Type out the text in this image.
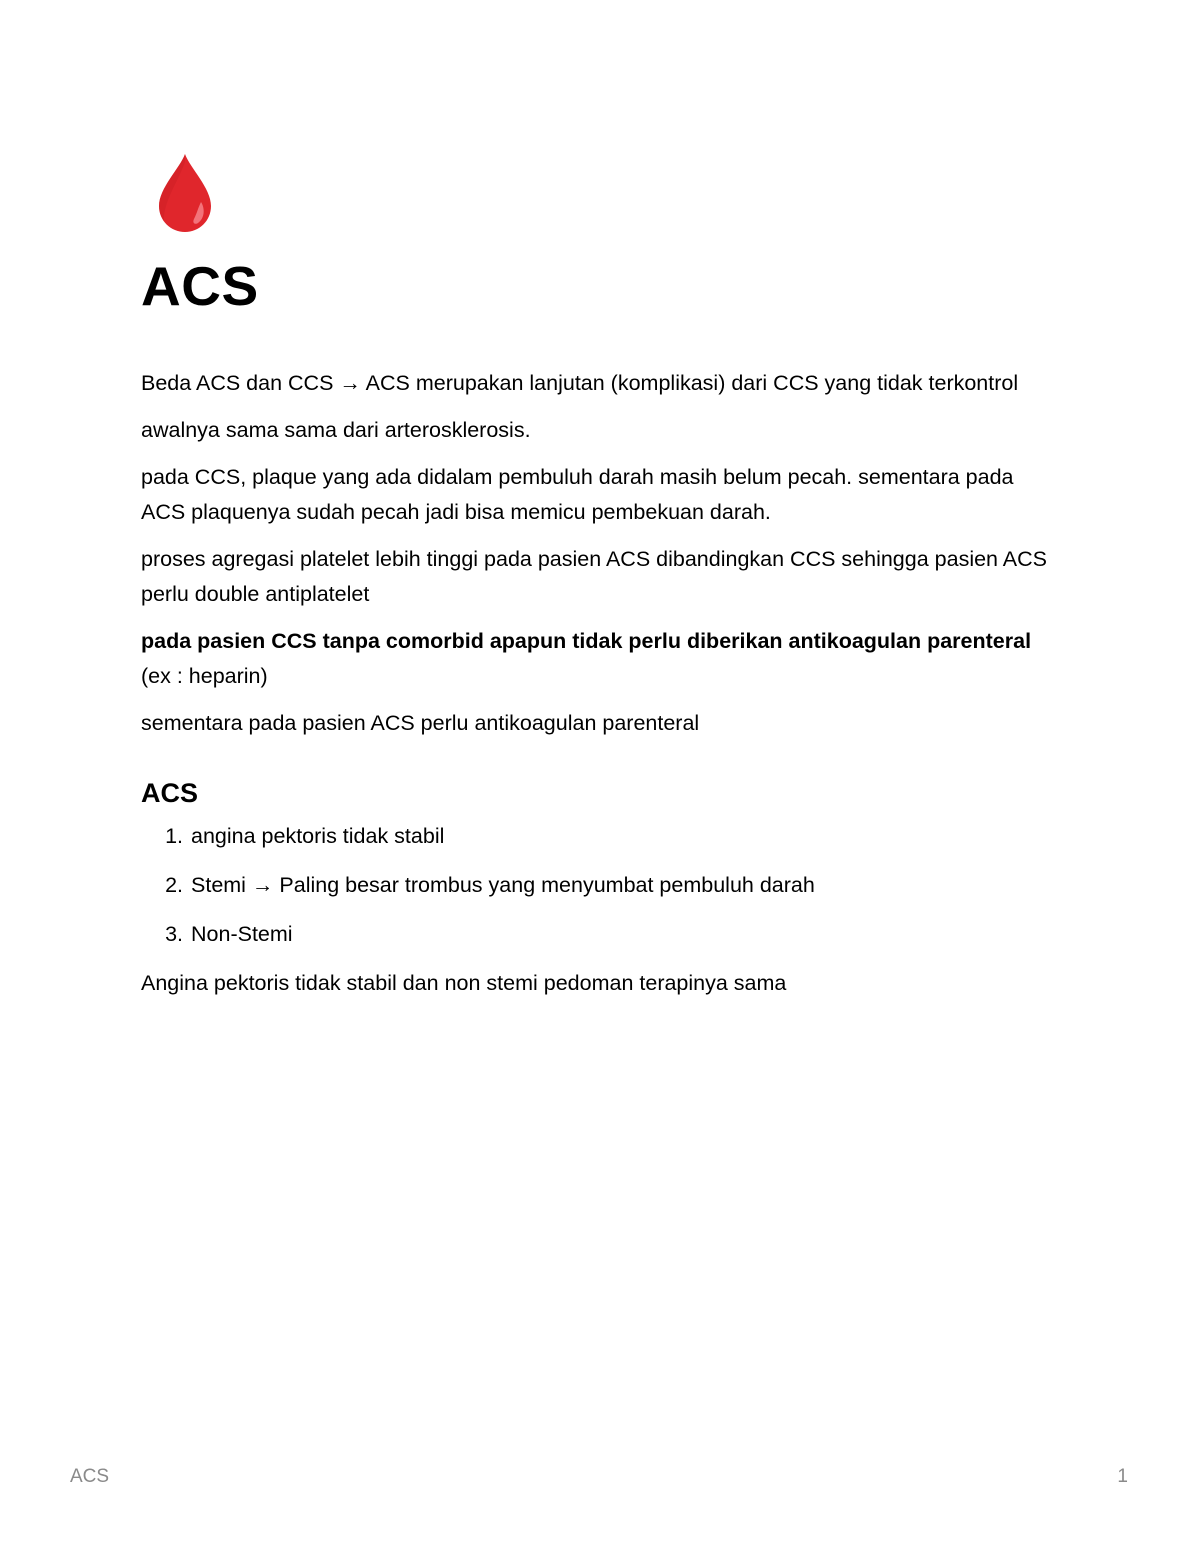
ACS

Beda ACS dan CCS → ACS merupakan lanjutan (komplikasi) dari CCS yang tidak terkontrol

awalnya sama sama dari arterosklerosis.

pada CCS, plaque yang ada didalam pembuluh darah masih belum pecah. sementara pada ACS plaquenya sudah pecah jadi bisa memicu pembekuan darah.

proses agregasi platelet lebih tinggi pada pasien ACS dibandingkan CCS sehingga pasien ACS perlu double antiplatelet

pada pasien CCS tanpa comorbid apapun tidak perlu diberikan antikoagulan parenteral (ex : heparin)

sementara pada pasien ACS perlu antikoagulan parenteral

ACS
1. angina pektoris tidak stabil
2. Stemi → Paling besar trombus yang menyumbat pembuluh darah
3. Non-Stemi

Angina pektoris tidak stabil dan non stemi pedoman terapinya sama

ACS	1
